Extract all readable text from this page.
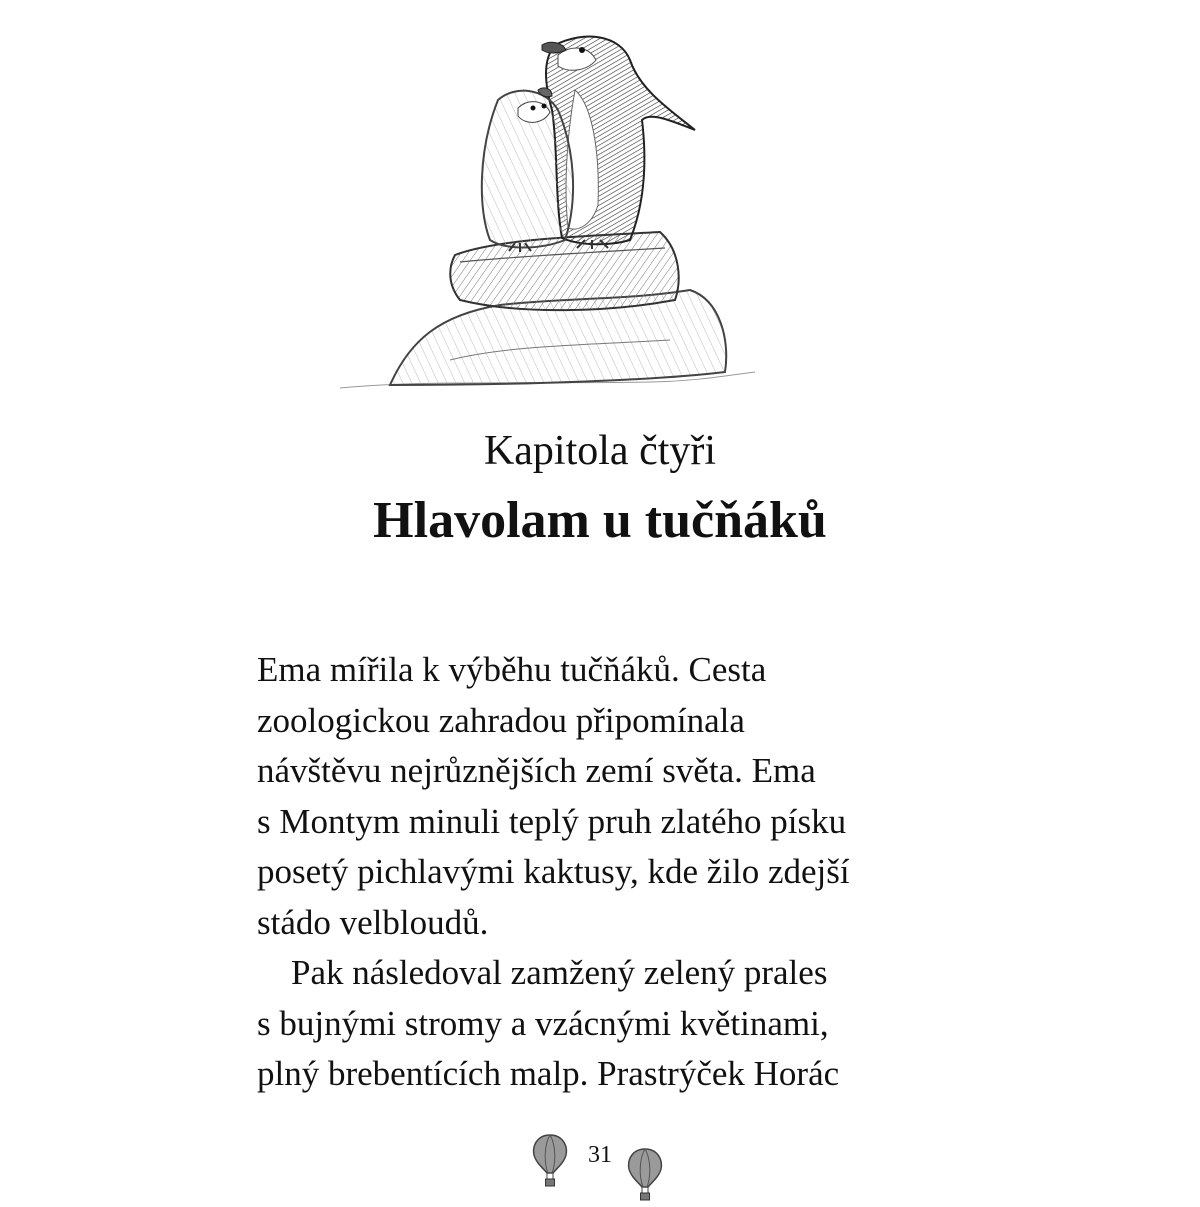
Kapitola čtyři
Hlavolam u tučňáků

Ema mířila k výběhu tučňáků. Cesta
zoologickou zahradou připomínala
návštěvu nejrůznějších zemí světa. Ema
s Montym minuli teplý pruh zlatého písku
posetý pichlavými kaktusy, kde žilo zdejší
stádo velbloudů.

Pak následoval zamžený zelený prales
s bujnými stromy a vzácnými květinami,
plný brebentících malp. Prastrýček Horác

31
